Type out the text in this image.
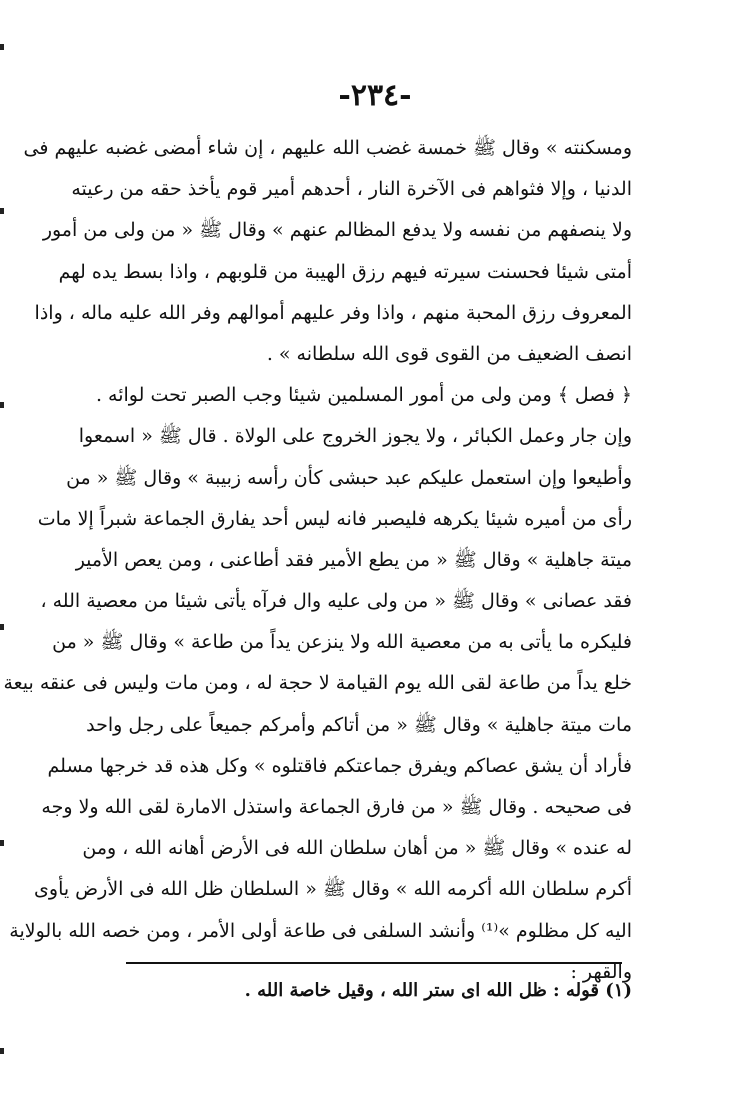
-٢٣٤-
ومسكنته » وقال ﷺ خمسة غضب الله عليهم ، إن شاء أمضى غضبه عليهم فى
الدنيا ، وإلا فثواهم فى الآخرة النار ، أحدهم أمير قوم يأخذ حقه من رعيته
ولا ينصفهم من نفسه ولا يدفع المظالم عنهم » وقال ﷺ « من ولى من أمور
أمتى شيئا فحسنت سيرته فيهم رزق الهيبة من قلوبهم ، واذا بسط يده لهم
المعروف رزق المحبة منهم ، واذا وفر عليهم أموالهم وفر الله عليه ماله ، واذا
انصف الضعيف من القوى قوى الله سلطانه » .
﴿ فصل ﴾ ومن ولى من أمور المسلمين شيئا وجب الصبر تحت لوائه .
وإن جار وعمل الكبائر ، ولا يجوز الخروج على الولاة . قال ﷺ « اسمعوا
وأطيعوا وإن استعمل عليكم عبد حبشى كأن رأسه زبيبة » وقال ﷺ « من
رأى من أميره شيئا يكرهه فليصبر فانه ليس أحد يفارق الجماعة شبراً إلا مات
ميتة جاهلية » وقال ﷺ « من يطع الأمير فقد أطاعنى ، ومن يعص الأمير
فقد عصانى » وقال ﷺ « من ولى عليه وال فرآه يأتى شيئا من معصية الله ،
فليكره ما يأتى به من معصية الله ولا ينزعن يداً من طاعة » وقال ﷺ « من
خلع يداً من طاعة لقى الله يوم القيامة لا حجة له ، ومن مات وليس فى عنقه بيعة
مات ميتة جاهلية » وقال ﷺ « من أتاكم وأمركم جميعاً على رجل واحد
فأراد أن يشق عصاكم ويفرق جماعتكم فاقتلوه » وكل هذه قد خرجها مسلم
فى صحيحه . وقال ﷺ « من فارق الجماعة واستذل الامارة لقى الله ولا وجه
له عنده » وقال ﷺ « من أهان سلطان الله فى الأرض أهانه الله ، ومن
أكرم سلطان الله أكرمه الله » وقال ﷺ « السلطان ظل الله فى الأرض يأوى
اليه كل مظلوم »⁽¹⁾ وأنشد السلفى فى طاعة أولى الأمر ، ومن خصه الله بالولاية
والقهر :
(١) قوله : ظل الله اى ستر الله ، وقيل خاصة الله .
